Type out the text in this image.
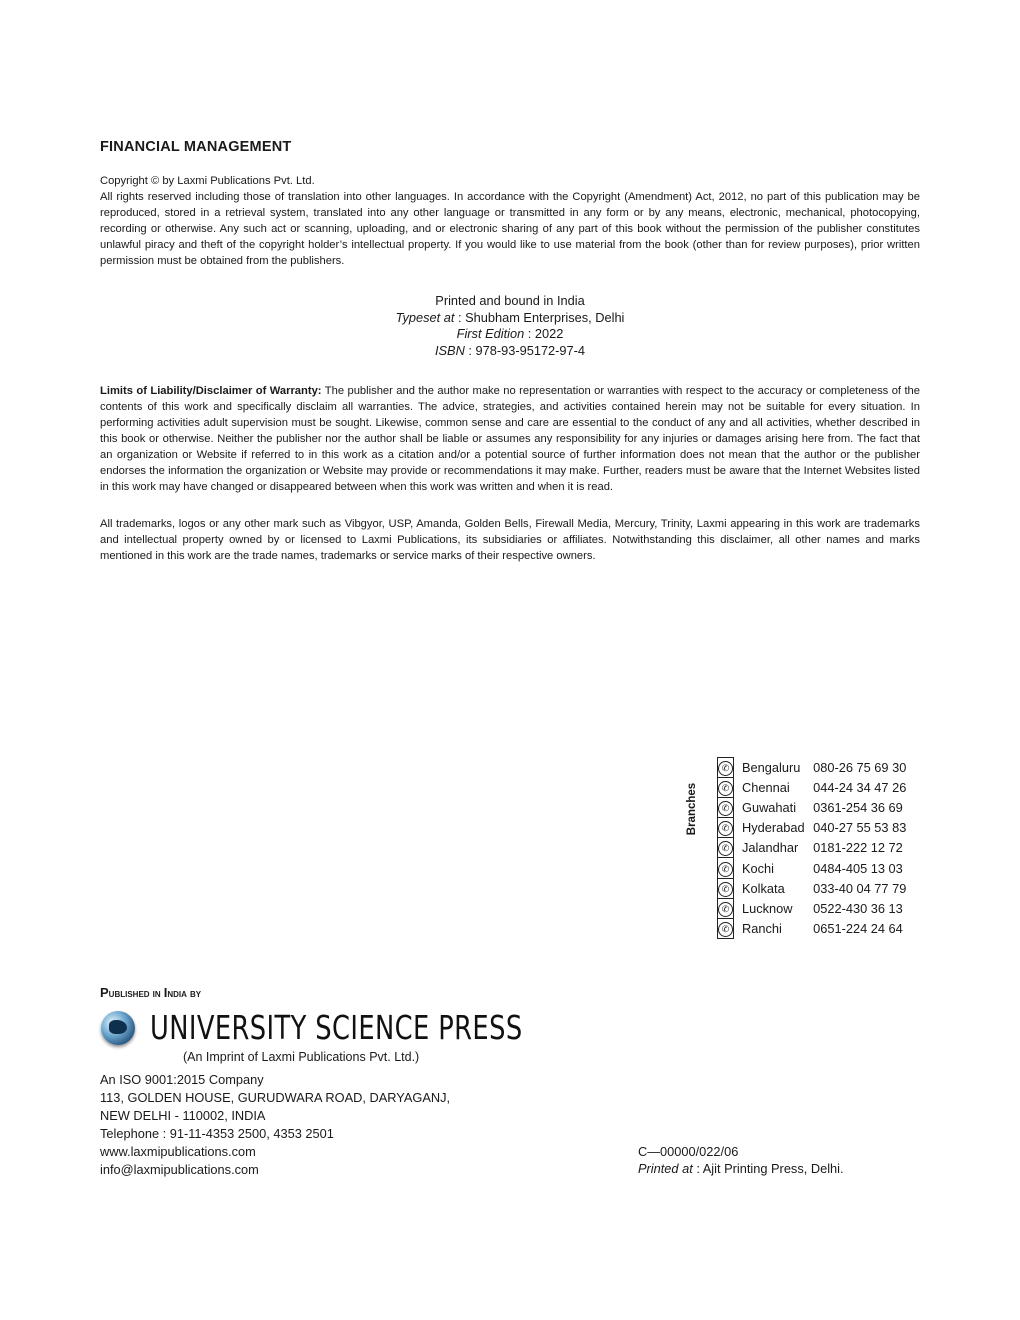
FINANCIAL MANAGEMENT
Copyright © by Laxmi Publications Pvt. Ltd.
All rights reserved including those of translation into other languages. In accordance with the Copyright (Amendment) Act, 2012, no part of this publication may be reproduced, stored in a retrieval system, translated into any other language or transmitted in any form or by any means, electronic, mechanical, photocopying, recording or otherwise. Any such act or scanning, uploading, and or electronic sharing of any part of this book without the permission of the publisher constitutes unlawful piracy and theft of the copyright holder’s intellectual property. If you would like to use material from the book (other than for review purposes), prior written permission must be obtained from the publishers.
Printed and bound in India
Typeset at : Shubham Enterprises, Delhi
First Edition : 2022
ISBN : 978-93-95172-97-4
Limits of Liability/Disclaimer of Warranty: The publisher and the author make no representation or warranties with respect to the accuracy or completeness of the contents of this work and specifically disclaim all warranties. The advice, strategies, and activities contained herein may not be suitable for every situation. In performing activities adult supervision must be sought. Likewise, common sense and care are essential to the conduct of any and all activities, whether described in this book or otherwise. Neither the publisher nor the author shall be liable or assumes any responsibility for any injuries or damages arising here from. The fact that an organization or Website if referred to in this work as a citation and/or a potential source of further information does not mean that the author or the publisher endorses the information the organization or Website may provide or recommendations it may make. Further, readers must be aware that the Internet Websites listed in this work may have changed or disappeared between when this work was written and when it is read.
All trademarks, logos or any other mark such as Vibgyor, USP, Amanda, Golden Bells, Firewall Media, Mercury, Trinity, Laxmi appearing in this work are trademarks and intellectual property owned by or licensed to Laxmi Publications, its subsidiaries or affiliates. Notwithstanding this disclaimer, all other names and marks mentioned in this work are the trade names, trademarks or service marks of their respective owners.
Branches
✆	Bengaluru	080-26 75 69 30
✆	Chennai	044-24 34 47 26
✆	Guwahati	0361-254 36 69
✆	Hyderabad	040-27 55 53 83
✆	Jalandhar	0181-222 12 72
✆	Kochi	0484-405 13 03
✆	Kolkata	033-40 04 77 79
✆	Lucknow	0522-430 36 13
✆	Ranchi	0651-224 24 64
Published in India by
UNIVERSITY SCIENCE PRESS
(An Imprint of Laxmi Publications Pvt. Ltd.)
An ISO 9001:2015 Company
113, GOLDEN HOUSE, GURUDWARA ROAD, DARYAGANJ,
NEW DELHI - 110002, INDIA
Telephone : 91-11-4353 2500, 4353 2501
www.laxmipublications.com
info@laxmipublications.com
C—00000/022/06
Printed at : Ajit Printing Press, Delhi.
